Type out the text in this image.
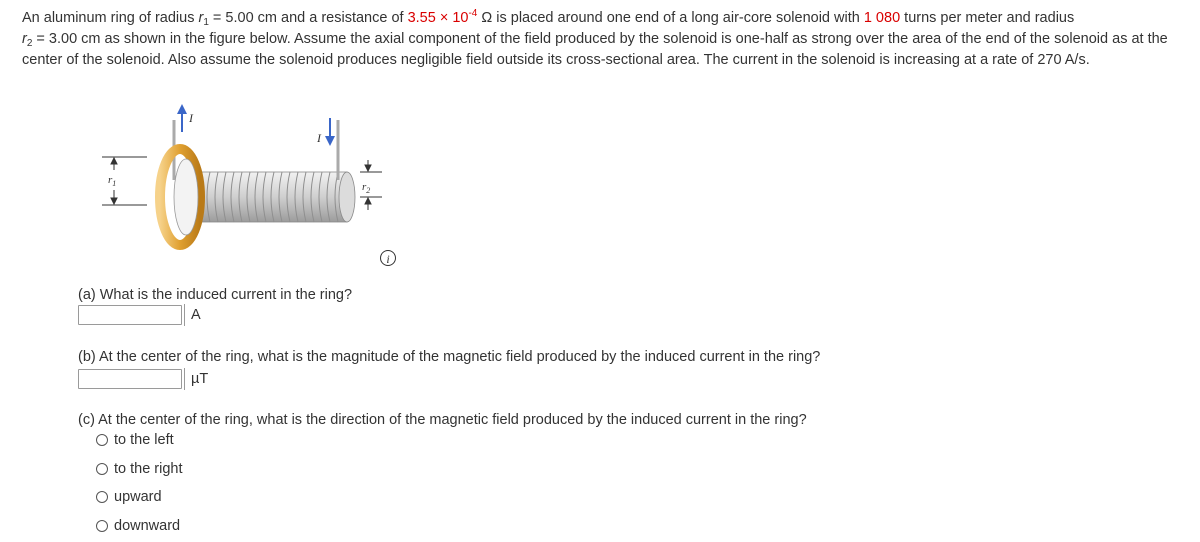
An aluminum ring of radius $r_1 = 5.00$ cm and a resistance of $3.55 \times 10^{-4}$ Ω is placed around one end of a long air-core solenoid with 1 080 turns per meter and radius
$r_2 = 3.00$ cm as shown in the figure below. Assume the axial component of the field produced by the solenoid is one-half as strong over the area of the end of the solenoid as at the center of the solenoid. Also assume the solenoid produces negligible field outside its cross-sectional area. The current in the solenoid is increasing at a rate of 270 A/s.
$r_1$
I
I
$r_2$
i
(a) What is the induced current in the ring?
A
(b) At the center of the ring, what is the magnitude of the magnetic field produced by the induced current in the ring?
µT
(c) At the center of the ring, what is the direction of the magnetic field produced by the induced current in the ring?
to the left
to the right
upward
downward
